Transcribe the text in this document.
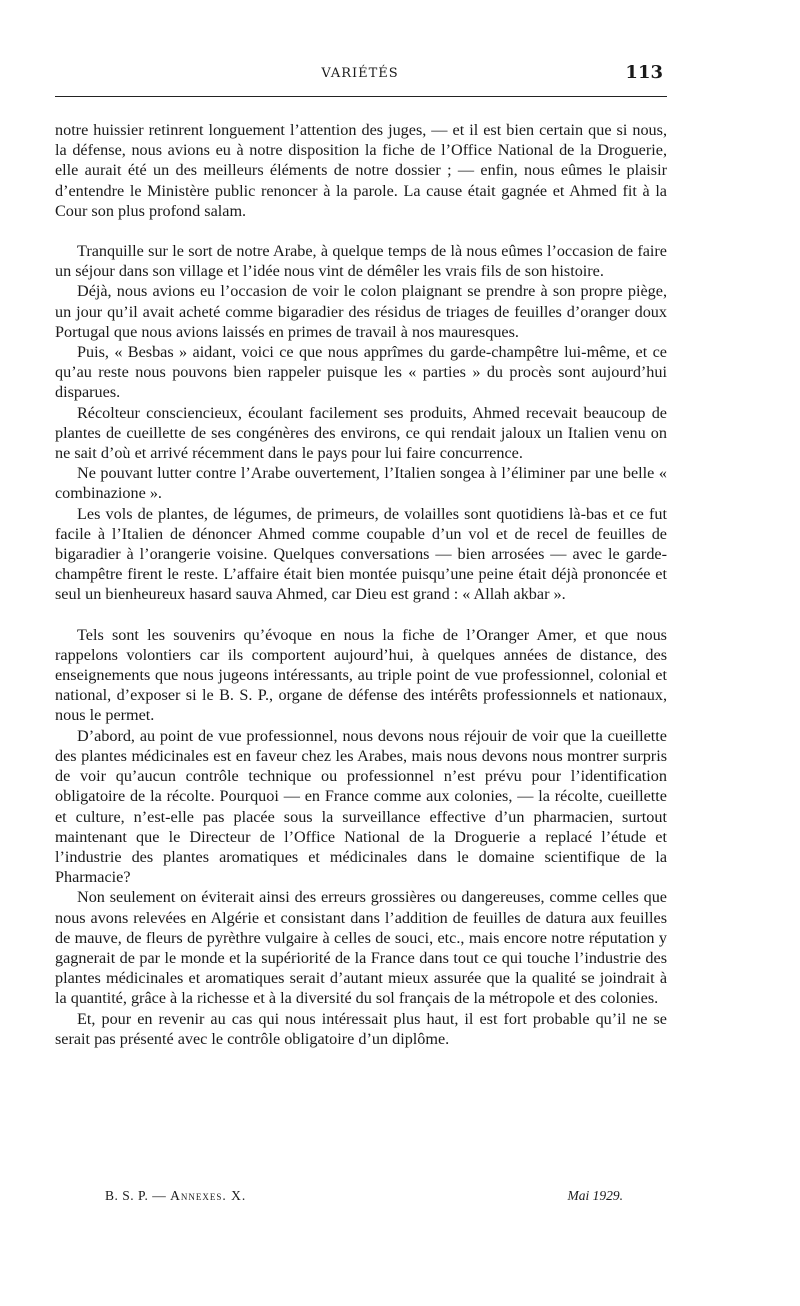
VARIÉTÉS	113

notre huissier retinrent longuement l’attention des juges, — et il est bien certain que si nous, la défense, nous avions eu à notre disposition la fiche de l’Office National de la Droguerie, elle aurait été un des meilleurs éléments de notre dossier ; — enfin, nous eûmes le plaisir d’entendre le Ministère public renoncer à la parole. La cause était gagnée et Ahmed fit à la Cour son plus profond salam.

Tranquille sur le sort de notre Arabe, à quelque temps de là nous eûmes l’occasion de faire un séjour dans son village et l’idée nous vint de démêler les vrais fils de son histoire.

Déjà, nous avions eu l’occasion de voir le colon plaignant se prendre à son propre piège, un jour qu’il avait acheté comme bigaradier des résidus de triages de feuilles d’oranger doux Portugal que nous avions laissés en primes de travail à nos mauresques.

Puis, « Besbas » aidant, voici ce que nous apprîmes du garde-champêtre lui-même, et ce qu’au reste nous pouvons bien rappeler puisque les « parties » du procès sont aujourd’hui disparues.

Récolteur consciencieux, écoulant facilement ses produits, Ahmed recevait beaucoup de plantes de cueillette de ses congénères des environs, ce qui rendait jaloux un Italien venu on ne sait d’où et arrivé récemment dans le pays pour lui faire concurrence.

Ne pouvant lutter contre l’Arabe ouvertement, l’Italien songea à l’éliminer par une belle « combinazione ».

Les vols de plantes, de légumes, de primeurs, de volailles sont quotidiens là-bas et ce fut facile à l’Italien de dénoncer Ahmed comme coupable d’un vol et de recel de feuilles de bigaradier à l’orangerie voisine. Quelques conversations — bien arrosées — avec le garde-champêtre firent le reste. L’affaire était bien montée puisqu’une peine était déjà prononcée et seul un bienheureux hasard sauva Ahmed, car Dieu est grand : « Allah akbar ».

Tels sont les souvenirs qu’évoque en nous la fiche de l’Oranger Amer, et que nous rappelons volontiers car ils comportent aujourd’hui, à quelques années de distance, des enseignements que nous jugeons intéressants, au triple point de vue professionnel, colonial et national, d’exposer si le B. S. P., organe de défense des intérêts professionnels et nationaux, nous le permet.

D’abord, au point de vue professionnel, nous devons nous réjouir de voir que la cueillette des plantes médicinales est en faveur chez les Arabes, mais nous devons nous montrer surpris de voir qu’aucun contrôle technique ou professionnel n’est prévu pour l’identification obligatoire de la récolte. Pourquoi — en France comme aux colonies, — la récolte, cueillette et culture, n’est-elle pas placée sous la surveillance effective d’un pharmacien, surtout maintenant que le Directeur de l’Office National de la Droguerie a replacé l’étude et l’industrie des plantes aromatiques et médicinales dans le domaine scientifique de la Pharmacie?

Non seulement on éviterait ainsi des erreurs grossières ou dangereuses, comme celles que nous avons relevées en Algérie et consistant dans l’addition de feuilles de datura aux feuilles de mauve, de fleurs de pyrèthre vulgaire à celles de souci, etc., mais encore notre réputation y gagnerait de par le monde et la supériorité de la France dans tout ce qui touche l’industrie des plantes médicinales et aromatiques serait d’autant mieux assurée que la qualité se joindrait à la quantité, grâce à la richesse et à la diversité du sol français de la métropole et des colonies.

Et, pour en revenir au cas qui nous intéressait plus haut, il est fort probable qu’il ne se serait pas présenté avec le contrôle obligatoire d’un diplôme.

B. S. P. — Annexes. X.	Mai 1929.
